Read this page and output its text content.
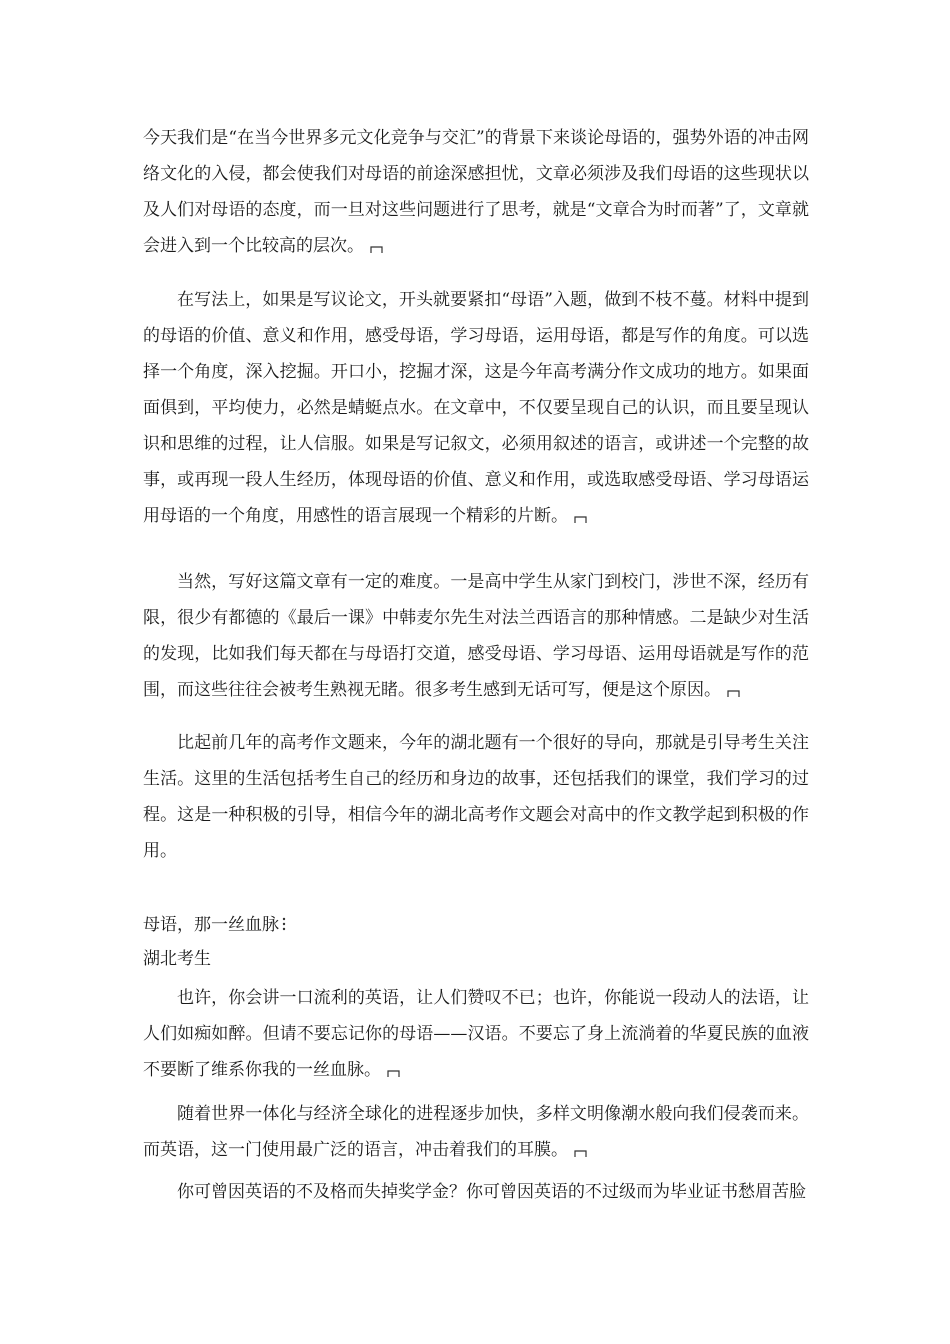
今天我们是“在当今世界多元文化竞争与交汇”的背景下来谈论母语的，强势外语的冲击网络文化的入侵，都会使我们对母语的前途深感担忧，文章必须涉及我们母语的这些现状以及人们对母语的态度，而一旦对这些问题进行了思考，就是“文章合为时而著”了，文章就会进入到一个比较高的层次。

在写法上，如果是写议论文，开头就要紧扣“母语”入题，做到不枝不蔓。材料中提到的母语的价值、意义和作用，感受母语，学习母语，运用母语，都是写作的角度。可以选择一个角度，深入挖掘。开口小，挖掘才深，这是今年高考满分作文成功的地方。如果面面俱到，平均使力，必然是蜻蜓点水。在文章中，不仅要呈现自己的认识，而且要呈现认识和思维的过程，让人信服。如果是写记叙文，必须用叙述的语言，或讲述一个完整的故事，或再现一段人生经历，体现母语的价值、意义和作用，或选取感受母语、学习母语运用母语的一个角度，用感性的语言展现一个精彩的片断。

当然，写好这篇文章有一定的难度。一是高中学生从家门到校门，涉世不深，经历有限，很少有都德的《最后一课》中韩麦尔先生对法兰西语言的那种情感。二是缺少对生活的发现，比如我们每天都在与母语打交道，感受母语、学习母语、运用母语就是写作的范围，而这些往往会被考生熟视无睹。很多考生感到无话可写，便是这个原因。

比起前几年的高考作文题来，今年的湖北题有一个很好的导向，那就是引导考生关注生活。这里的生活包括考生自己的经历和身边的故事，还包括我们的课堂，我们学习的过程。这是一种积极的引导，相信今年的湖北高考作文题会对高中的作文教学起到积极的作用。

母语，那一丝血脉

湖北考生

也许，你会讲一口流利的英语，让人们赞叹不已；也许，你能说一段动人的法语，让人们如痴如醉。但请不要忘记你的母语——汉语。不要忘了身上流淌着的华夏民族的血液不要断了维系你我的一丝血脉。

随着世界一体化与经济全球化的进程逐步加快，多样文明像潮水般向我们侵袭而来。而英语，这一门使用最广泛的语言，冲击着我们的耳膜。

你可曾因英语的不及格而失掉奖学金？你可曾因英语的不过级而为毕业证书愁眉苦脸
